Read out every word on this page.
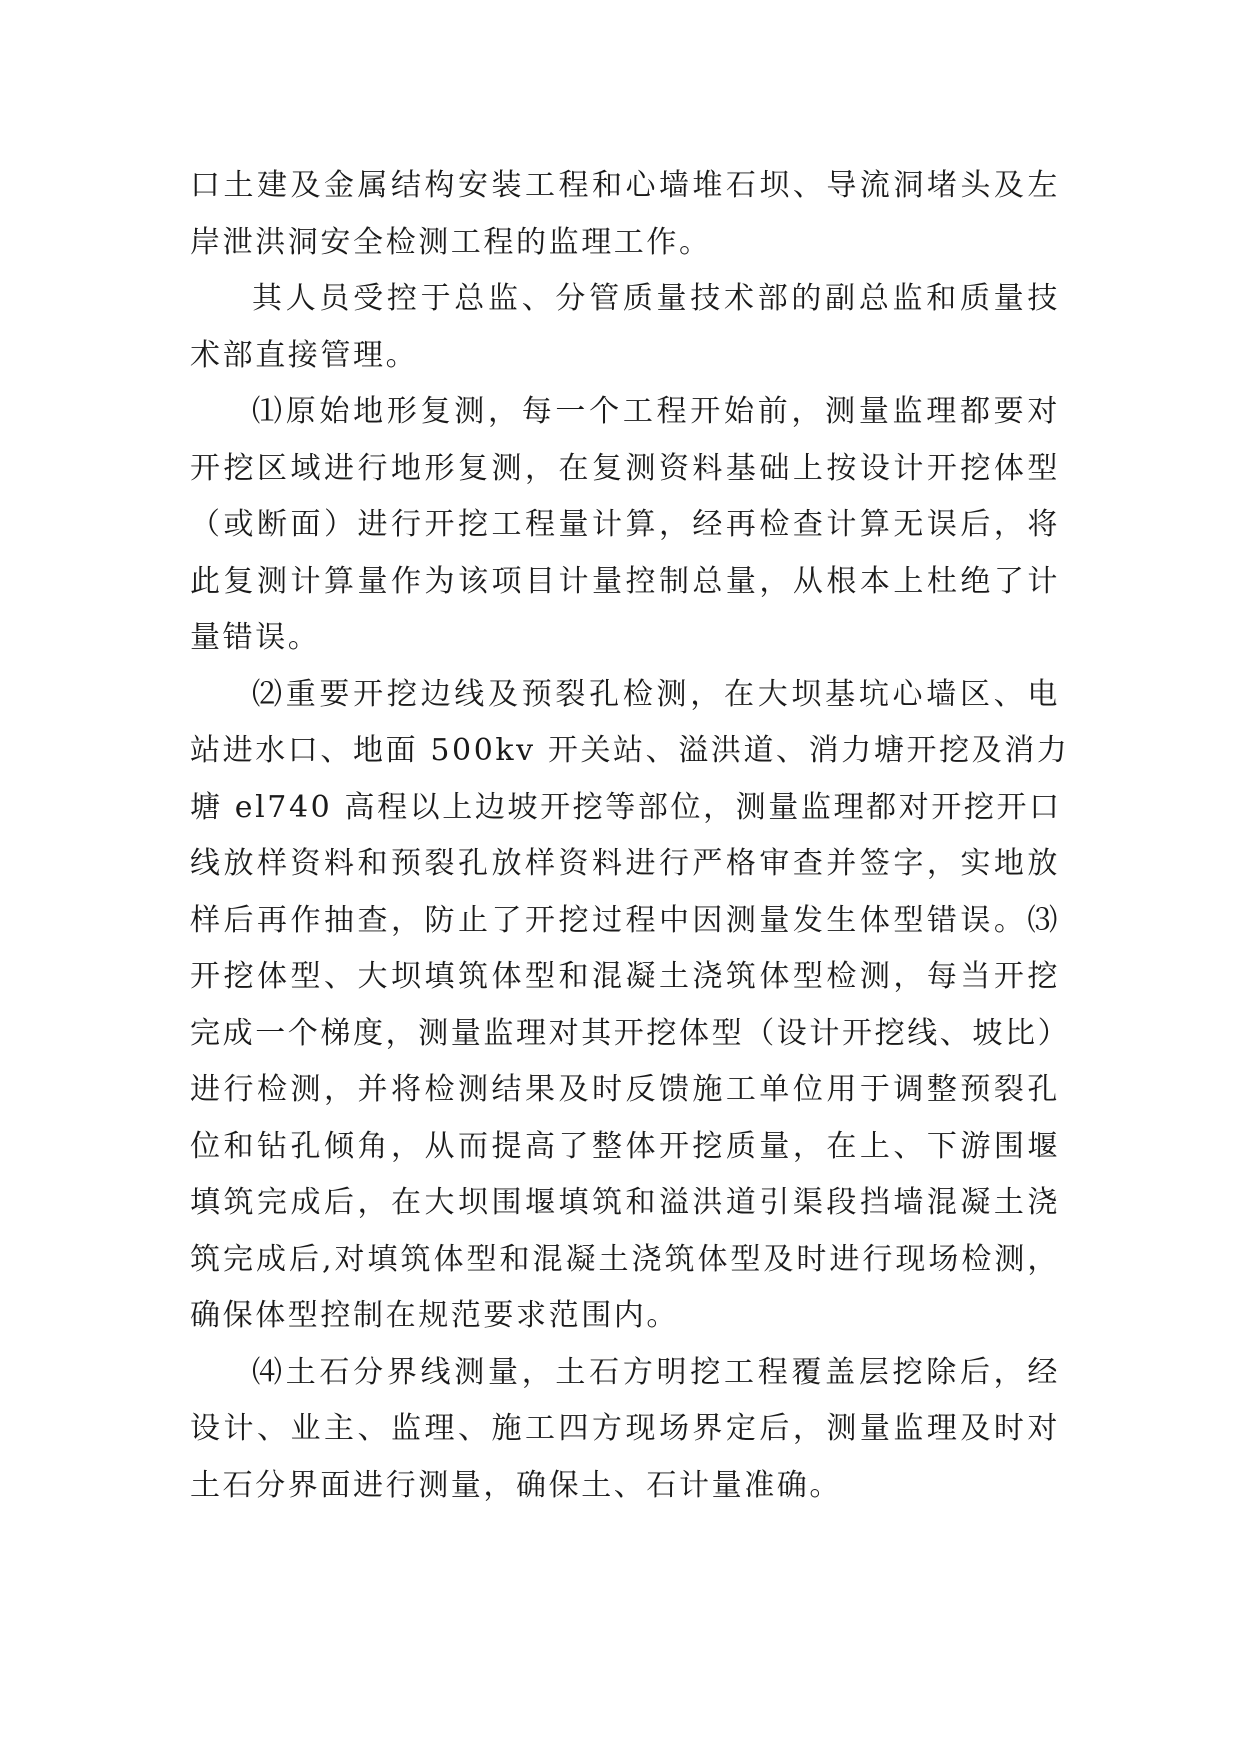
口土建及金属结构安装工程和心墙堆石坝、导流洞堵头及左
岸泄洪洞安全检测工程的监理工作。
其人员受控于总监、分管质量技术部的副总监和质量技
术部直接管理。
⑴原始地形复测，每一个工程开始前，测量监理都要对
开挖区域进行地形复测，在复测资料基础上按设计开挖体型
（或断面）进行开挖工程量计算，经再检查计算无误后，将
此复测计算量作为该项目计量控制总量，从根本上杜绝了计
量错误。
⑵重要开挖边线及预裂孔检测，在大坝基坑心墙区、电
站进水口、地面 500kv 开关站、溢洪道、消力塘开挖及消力
塘 el740 高程以上边坡开挖等部位，测量监理都对开挖开口
线放样资料和预裂孔放样资料进行严格审查并签字，实地放
样后再作抽查，防止了开挖过程中因测量发生体型错误。⑶
开挖体型、大坝填筑体型和混凝土浇筑体型检测，每当开挖
完成一个梯度，测量监理对其开挖体型（设计开挖线、坡比）
进行检测，并将检测结果及时反馈施工单位用于调整预裂孔
位和钻孔倾角，从而提高了整体开挖质量，在上、下游围堰
填筑完成后，在大坝围堰填筑和溢洪道引渠段挡墙混凝土浇
筑完成后,对填筑体型和混凝土浇筑体型及时进行现场检测，
确保体型控制在规范要求范围内。
⑷土石分界线测量，土石方明挖工程覆盖层挖除后，经
设计、业主、监理、施工四方现场界定后，测量监理及时对
土石分界面进行测量，确保土、石计量准确。
